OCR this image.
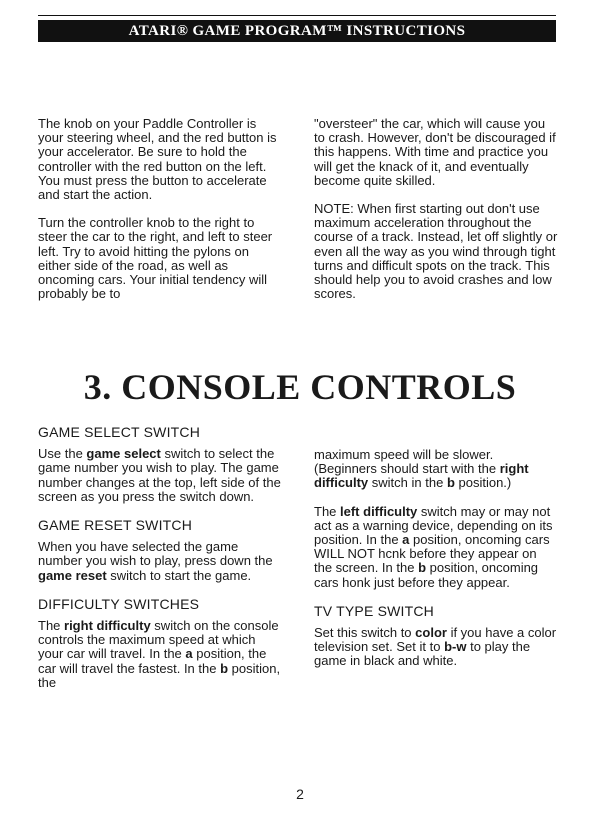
ATARI® GAME PROGRAM™ INSTRUCTIONS

The knob on your Paddle Controller is your steering wheel, and the red button is your accelerator. Be sure to hold the controller with the red button on the left. You must press the button to accelerate and start the action.

Turn the controller knob to the right to steer the car to the right, and left to steer left. Try to avoid hitting the pylons on either side of the road, as well as oncoming cars. Your initial tendency will probably be to

"oversteer" the car, which will cause you to crash. However, don't be discouraged if this happens. With time and practice you will get the knack of it, and eventually become quite skilled.

NOTE: When first starting out don't use maximum acceleration throughout the course of a track. Instead, let off slightly or even all the way as you wind through tight turns and difficult spots on the track. This should help you to avoid crashes and low scores.

3. CONSOLE CONTROLS
GAME SELECT SWITCH

Use the game select switch to select the game number you wish to play. The game number changes at the top, left side of the screen as you press the switch down.

GAME RESET SWITCH

When you have selected the game number you wish to play, press down the game reset switch to start the game.

DIFFICULTY SWITCHES

The right difficulty switch on the console controls the maximum speed at which your car will travel. In the a position, the car will travel the fastest. In the b position, the

maximum speed will be slower. (Beginners should start with the right difficulty switch in the b position.)

The left difficulty switch may or may not act as a warning device, depending on its position. In the a position, oncoming cars WILL NOT hcnk before they appear on the screen. In the b position, oncoming cars honk just before they appear.

TV TYPE SWITCH

Set this switch to color if you have a color television set. Set it to b-w to play the game in black and white.

2
